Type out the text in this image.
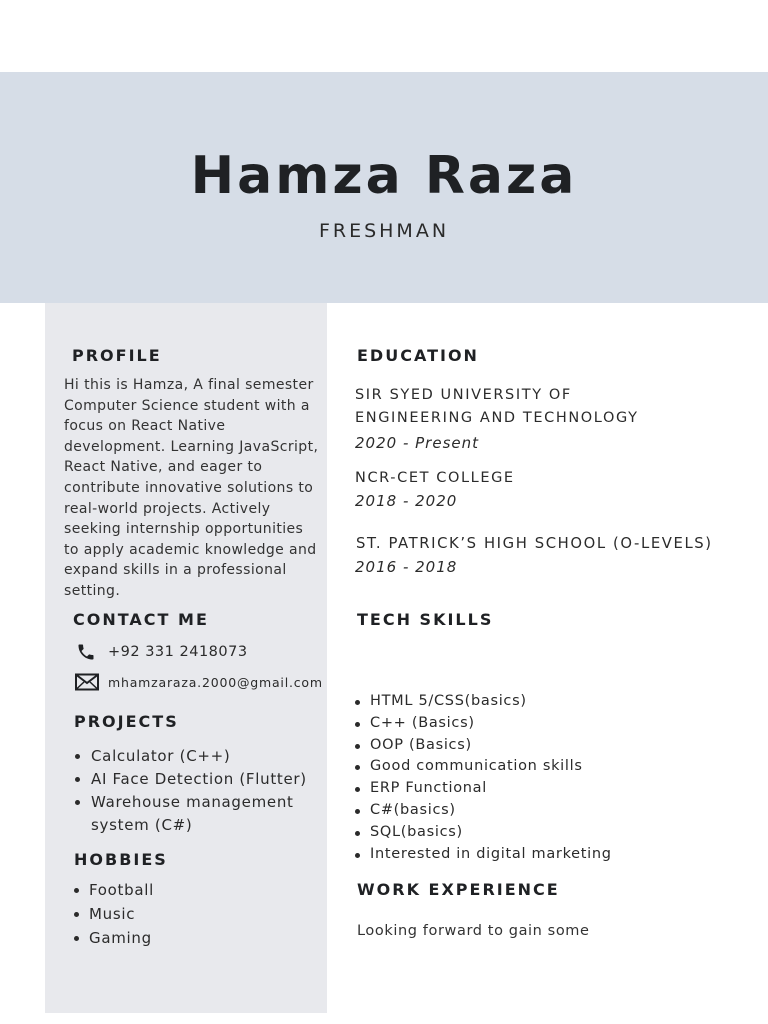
Hamza Raza
FRESHMAN
PROFILE
Hi this is Hamza, A final semester Computer Science student with a focus on React Native development. Learning JavaScript, React Native, and eager to contribute innovative solutions to real-world projects. Actively seeking internship opportunities to apply academic knowledge and expand skills in a professional setting.
CONTACT ME
+92 331 2418073
mhamzaraza.2000@gmail.com
PROJECTS
Calculator (C++)
AI Face Detection (Flutter)
Warehouse management system (C#)
HOBBIES
Football
Music
Gaming
EDUCATION
SIR SYED UNIVERSITY OF ENGINEERING AND TECHNOLOGY
2020 - Present
NCR-CET COLLEGE
2018 - 2020
ST. PATRICK’S HIGH SCHOOL (O-LEVELS)
2016 - 2018
TECH SKILLS
HTML 5/CSS(basics)
C++ (Basics)
OOP (Basics)
Good communication skills
ERP Functional
C#(basics)
SQL(basics)
Interested in digital marketing
WORK EXPERIENCE
Looking forward to gain some
